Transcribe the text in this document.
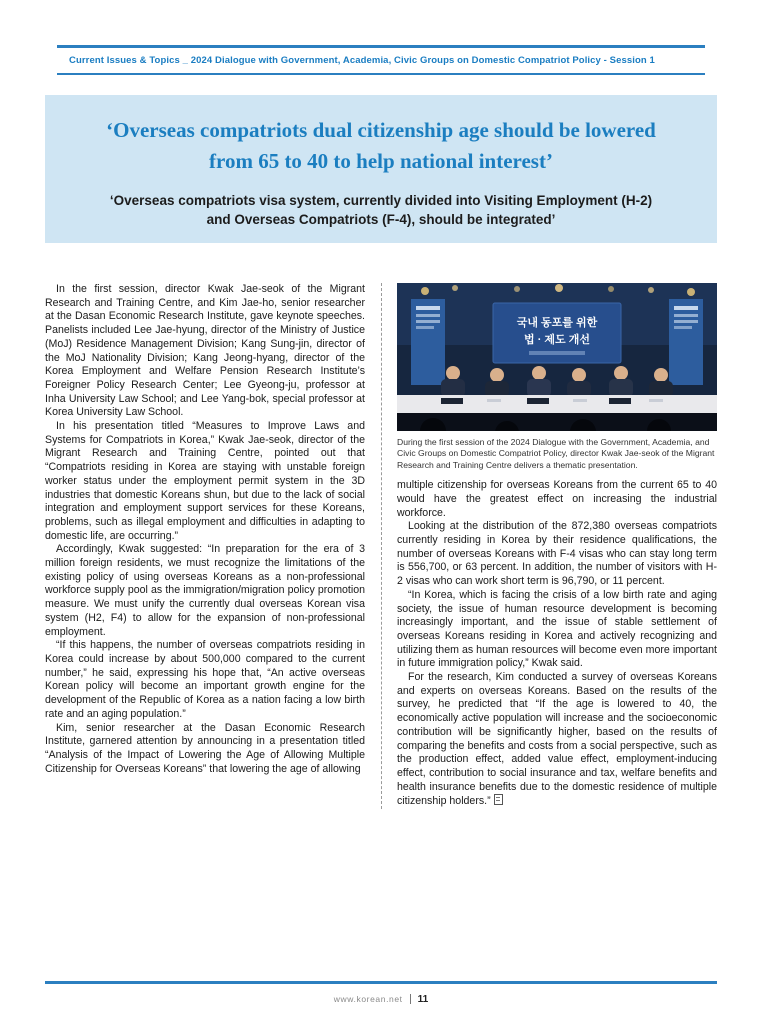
Current Issues & Topics _ 2024 Dialogue with Government, Academia, Civic Groups on Domestic Compatriot Policy - Session 1
‘Overseas compatriots dual citizenship age should be lowered
from 65 to 40 to help national interest’
‘Overseas compatriots visa system, currently divided into Visiting Employment (H-2) and Overseas Compatriots (F-4), should be integrated’

In the first session, director Kwak Jae-seok of the Migrant Research and Training Centre, and Kim Jae-ho, senior researcher at the Dasan Economic Research Institute, gave keynote speeches. Panelists included Lee Jae-hyung, director of the Ministry of Justice (MoJ) Residence Management Division; Kang Sung-jin, director of the MoJ Nationality Division; Kang Jeong-hyang, director of the Korea Employment and Welfare Pension Research Institute’s Foreigner Policy Research Center; Lee Gyeong-ju, professor at Inha University Law School; and Lee Yang-bok, special professor at Korea University Law School.

In his presentation titled “Measures to Improve Laws and Systems for Compatriots in Korea,” Kwak Jae-seok, director of the Migrant Research and Training Centre, pointed out that “Compatriots residing in Korea are staying with unstable foreign worker status under the employment permit system in the 3D industries that domestic Koreans shun, but due to the lack of social integration and employment support services for these Koreans, problems, such as illegal employment and difficulties in adapting to domestic life, are occurring.”

Accordingly, Kwak suggested: “In preparation for the era of 3 million foreign residents, we must recognize the limitations of the existing policy of using overseas Koreans as a non-professional workforce supply pool as the immigration/migration policy promotion measure. We must unify the currently dual overseas Korean visa system (H2, F4) to allow for the expansion of non-professional employment.

“If this happens, the number of overseas compatriots residing in Korea could increase by about 500,000 compared to the current number,” he said, expressing his hope that, “An active overseas Korean policy will become an important growth engine for the development of the Republic of Korea as a nation facing a low birth rate and an aging population.”

Kim, senior researcher at the Dasan Economic Research Institute, garnered attention by announcing in a presentation titled “Analysis of the Impact of Lowering the Age of Allowing Multiple Citizenship for Overseas Koreans” that lowering the age of allowing

국내 동포를 위한
법 · 제도 개선
During the first session of the 2024 Dialogue with the Government, Academia, and Civic Groups on Domestic Compatriot Policy, director Kwak Jae-seok of the Migrant Research and Training Centre delivers a thematic presentation.

multiple citizenship for overseas Koreans from the current 65 to 40 would have the greatest effect on increasing the industrial workforce.

Looking at the distribution of the 872,380 overseas compatriots currently residing in Korea by their residence qualifications, the number of overseas Koreans with F-4 visas who can stay long term is 556,700, or 63 percent. In addition, the number of visitors with H-2 visas who can work short term is 96,790, or 11 percent.

“In Korea, which is facing the crisis of a low birth rate and aging society, the issue of human resource development is becoming increasingly important, and the issue of stable settlement of overseas Koreans residing in Korea and actively recognizing and utilizing them as human resources will become even more important in future immigration policy,” Kwak said.

For the research, Kim conducted a survey of overseas Koreans and experts on overseas Koreans. Based on the results of the survey, he predicted that “If the age is lowered to 40, the economically active population will increase and the socioeconomic contribution will be significantly higher, based on the results of comparing the benefits and costs from a social perspective, such as the production effect, added value effect, employment-inducing effect, contribution to social insurance and tax, welfare benefits and health insurance benefits due to the domestic residence of multiple citizenship holders.”

www.korean.net 11
